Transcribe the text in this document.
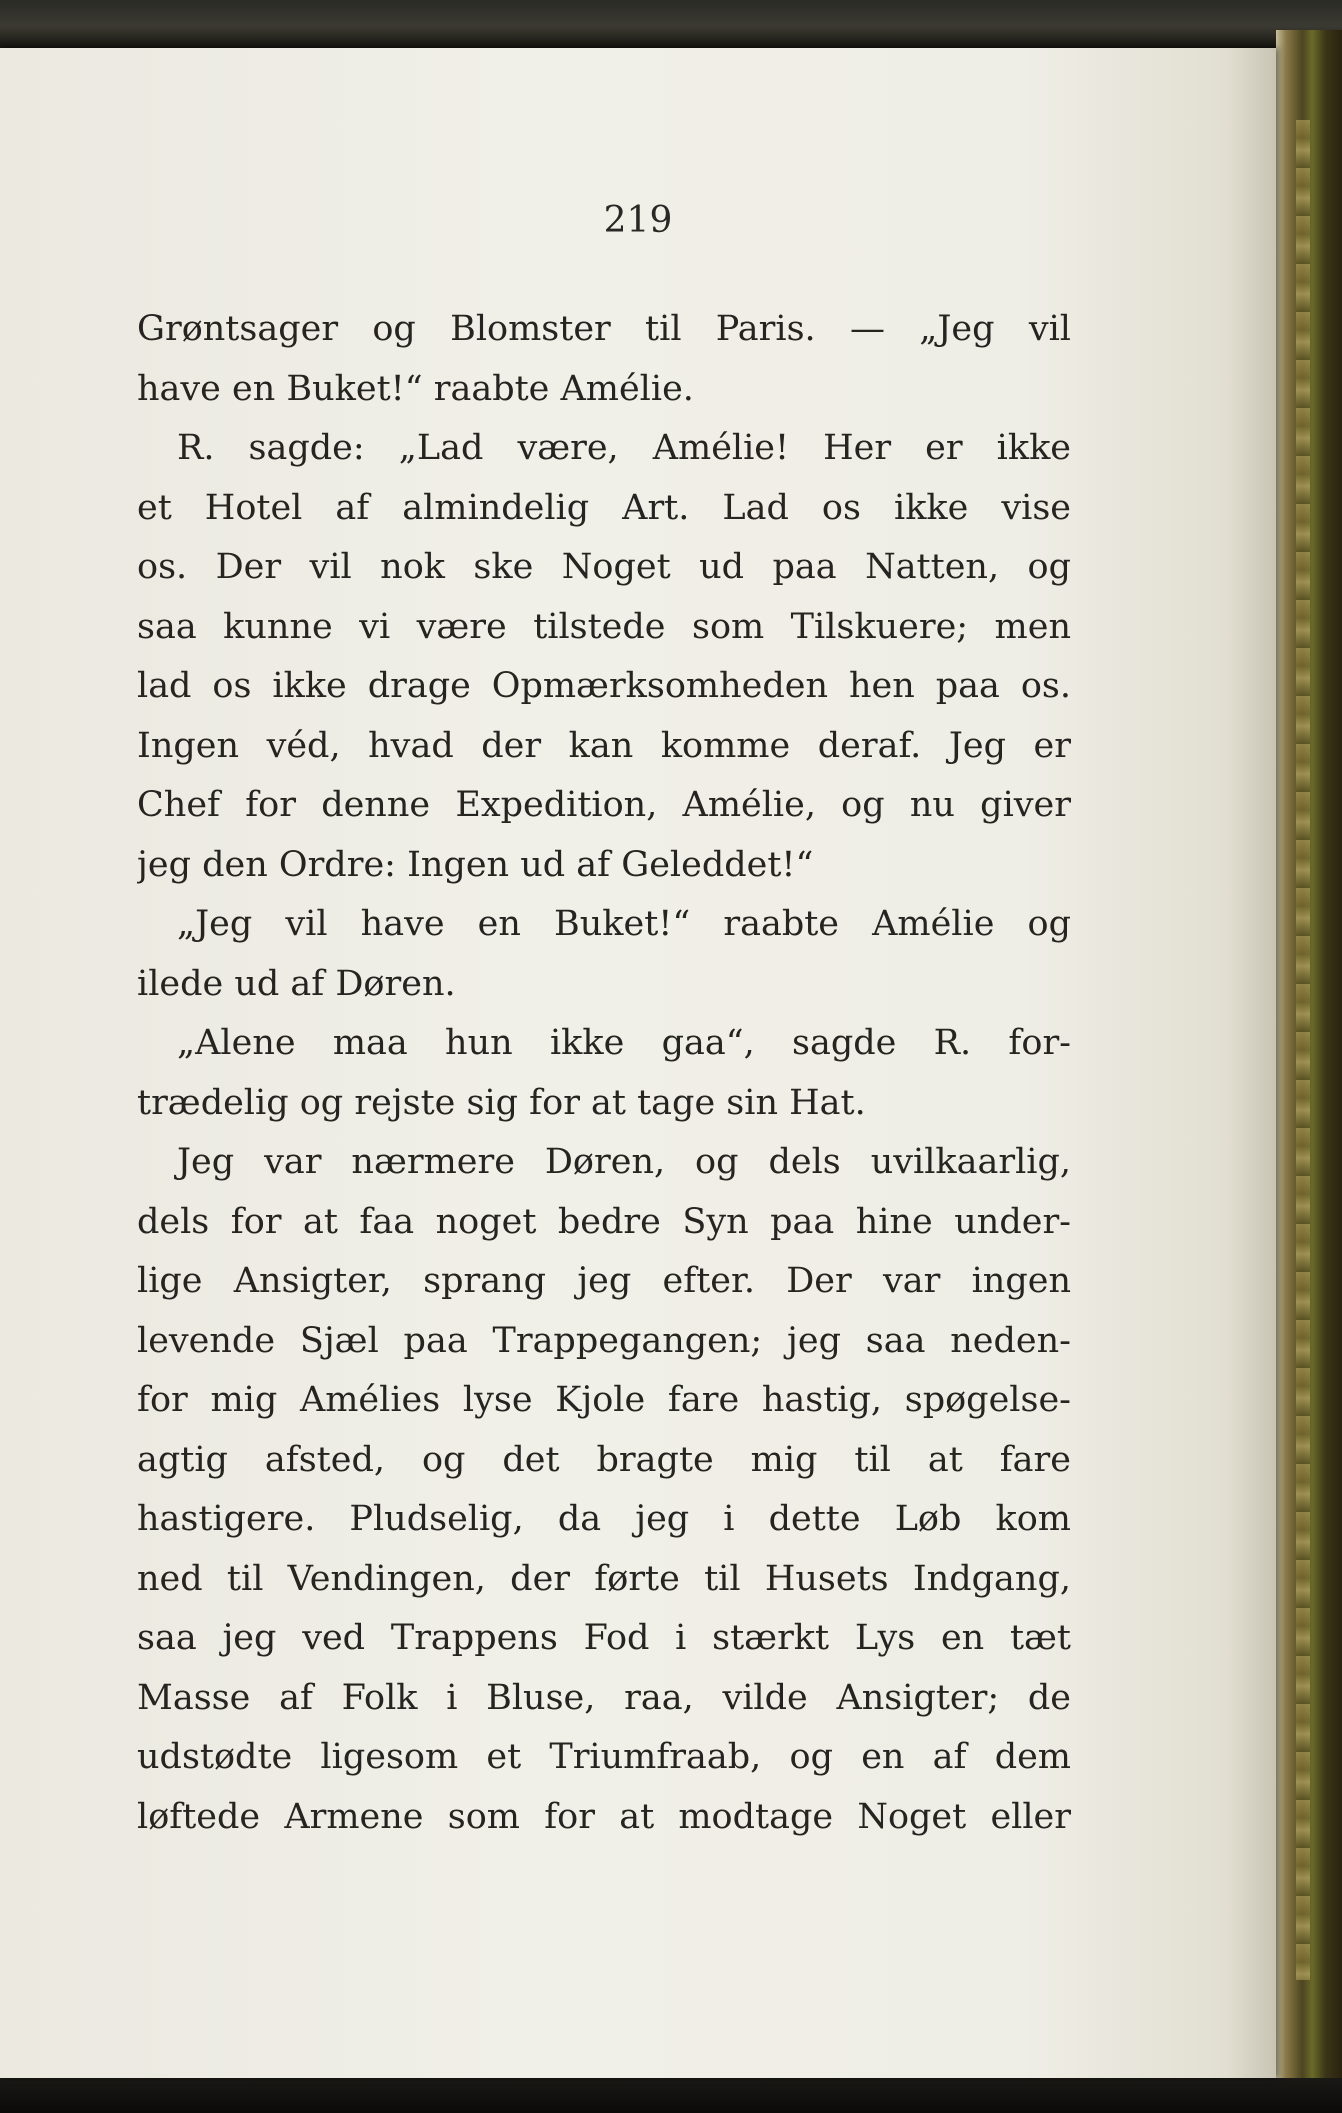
219

Grøntsager og Blomster til Paris. — „Jeg vil
have en Buket!“ raabte Amélie.
R. sagde: „Lad være, Amélie! Her er ikke
et Hotel af almindelig Art. Lad os ikke vise
os. Der vil nok ske Noget ud paa Natten, og
saa kunne vi være tilstede som Tilskuere; men
lad os ikke drage Opmærksomheden hen paa os.
Ingen véd, hvad der kan komme deraf. Jeg er
Chef for denne Expedition, Amélie, og nu giver
jeg den Ordre: Ingen ud af Geleddet!“
„Jeg vil have en Buket!“ raabte Amélie og
ilede ud af Døren.
„Alene maa hun ikke gaa“, sagde R. for-
trædelig og rejste sig for at tage sin Hat.
Jeg var nærmere Døren, og dels uvilkaarlig,
dels for at faa noget bedre Syn paa hine under-
lige Ansigter, sprang jeg efter. Der var ingen
levende Sjæl paa Trappegangen; jeg saa neden-
for mig Amélies lyse Kjole fare hastig, spøgelse-
agtig afsted, og det bragte mig til at fare
hastigere. Pludselig, da jeg i dette Løb kom
ned til Vendingen, der førte til Husets Indgang,
saa jeg ved Trappens Fod i stærkt Lys en tæt
Masse af Folk i Bluse, raa, vilde Ansigter; de
udstødte ligesom et Triumfraab, og en af dem
løftede Armene som for at modtage Noget eller
